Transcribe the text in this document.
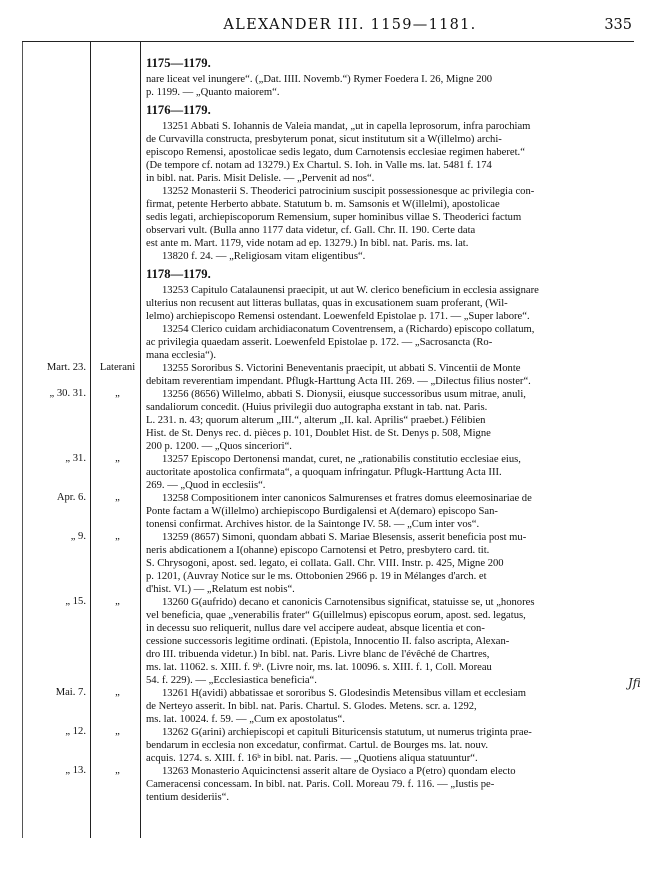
ALEXANDER III. 1159—1181.	335
1175—1179.
nare liceat vel inungere“. („Dat. IIII. Novemb.“) Rymer Foedera I. 26, Migne 200
p. 1199. — „Quanto maiorem“.
1176—1179.
13251 Abbati S. Iohannis de Valeia mandat, „ut in capella leprosorum, infra parochiam
de Curvavilla constructa, presbyterum ponat, sicut institutum sit a W(illelmo) archi-
episcopo Remensi, apostolicae sedis legato, dum Carnotensis ecclesiae regimen haberet.“
(De tempore cf. notam ad 13279.) Ex Chartul. S. Ioh. in Valle ms. lat. 5481 f. 174
in bibl. nat. Paris. Misit Delisle. — „Pervenit ad nos“.
13252 Monasterii S. Theoderici patrocinium suscipit possessionesque ac privilegia con-
firmat, petente Herberto abbate. Statutum b. m. Samsonis et W(illelmi), apostolicae
sedis legati, archiepiscoporum Remensium, super hominibus villae S. Theoderici factum
observari vult. (Bulla anno 1177 data videtur, cf. Gall. Chr. II. 190. Certe data
est ante m. Mart. 1179, vide notam ad ep. 13279.) In bibl. nat. Paris. ms. lat.
13820 f. 24. — „Religiosam vitam eligentibus“.
1178—1179.
13253 Capitulo Catalaunensi praecipit, ut aut W. clerico beneficium in ecclesia assignare
ulterius non recusent aut litteras bullatas, quas in excusationem suam proferant, (Wil-
lelmo) archiepiscopo Remensi ostendant. Loewenfeld Epistolae p. 171. — „Super labore“.
13254 Clerico cuidam archidiaconatum Coventrensem, a (Richardo) episcopo collatum,
ac privilegia quaedam asserit. Loewenfeld Epistolae p. 172. — „Sacrosancta (Ro-
mana ecclesia“).
13255 Sororibus S. Victorini Beneventanis praecipit, ut abbati S. Vincentii de Monte
debitam reverentiam impendant. Pflugk-Harttung Acta III. 269. — „Dilectus filius noster“.
13256 (8656) Willelmo, abbati S. Dionysii, eiusque successoribus usum mitrae, anuli,
sandaliorum concedit. (Huius privilegii duo autographa exstant in tab. nat. Paris.
L. 231. n. 43; quorum alterum „III.“, alterum „II. kal. Aprilis“ praebet.) Félibien
Hist. de St. Denys rec. d. pièces p. 101, Doublet Hist. de St. Denys p. 508, Migne
200 p. 1200. — „Quos sinceriori“.
13257 Episcopo Dertonensi mandat, curet, ne „rationabilis constitutio ecclesiae eius,
auctoritate apostolica confirmata“, a quoquam infringatur. Pflugk-Harttung Acta III.
269. — „Quod in ecclesiis“.
13258 Compositionem inter canonicos Salmurenses et fratres domus eleemosinariae de
Ponte factam a W(illelmo) archiepiscopo Burdigalensi et A(demaro) episcopo San-
tonensi confirmat. Archives histor. de la Saintonge IV. 58. — „Cum inter vos“.
13259 (8657) Simoni, quondam abbati S. Mariae Blesensis, asserit beneficia post mu-
neris abdicationem a I(ohanne) episcopo Carnotensi et Petro, presbytero card. tit.
S. Chrysogoni, apost. sed. legato, ei collata. Gall. Chr. VIII. Instr. p. 425, Migne 200
p. 1201, (Auvray Notice sur le ms. Ottobonien 2966 p. 19 in Mélanges d'arch. et
d'hist. VI.) — „Relatum est nobis“.
13260 G(aufrido) decano et canonicis Carnotensibus significat, statuisse se, ut „honores
vel beneficia, quae „venerabilis frater“ G(uillelmus) episcopus eorum, apost. sed. legatus,
in decessu suo reliquerit, nullus dare vel accipere audeat, absque licentia et con-
cessione successoris legitime ordinati. (Epistola, Innocentio II. falso ascripta, Alexan-
dro III. tribuenda videtur.) In bibl. nat. Paris. Livre blanc de l'évêché de Chartres,
ms. lat. 11062. s. XIII. f. 9ᵇ. (Livre noir, ms. lat. 10096. s. XIII. f. 1, Coll. Moreau
54. f. 229). — „Ecclesiastica beneficia“.
13261 H(avidi) abbatissae et sororibus S. Glodesindis Metensibus villam et ecclesiam
de Nerteyo asserit. In bibl. nat. Paris. Chartul. S. Glodes. Metens. scr. a. 1292,
ms. lat. 10024. f. 59. — „Cum ex apostolatus“.
13262 G(arini) archiepiscopi et capituli Bituricensis statutum, ut numerus triginta prae-
bendarum in ecclesia non excedatur, confirmat. Cartul. de Bourges ms. lat. nouv.
acquis. 1274. s. XIII. f. 16ᵇ in bibl. nat. Paris. — „Quotiens aliqua statuuntur“.
13263 Monasterio Aquicinctensi asserit altare de Oysiaco a P(etro) quondam electo
Cameracensi concessam. In bibl. nat. Paris. Coll. Moreau 79. f. 116. — „Iustis pe-
tentium desideriis“.
Mart. 23.	Laterani
„ 30. 31.	„
„ 31.	„
Apr. 6.	„
„ 9.	„
„ 15.	„
Mai. 7.	„
„ 12.	„
„ 13.	„
Jfi
